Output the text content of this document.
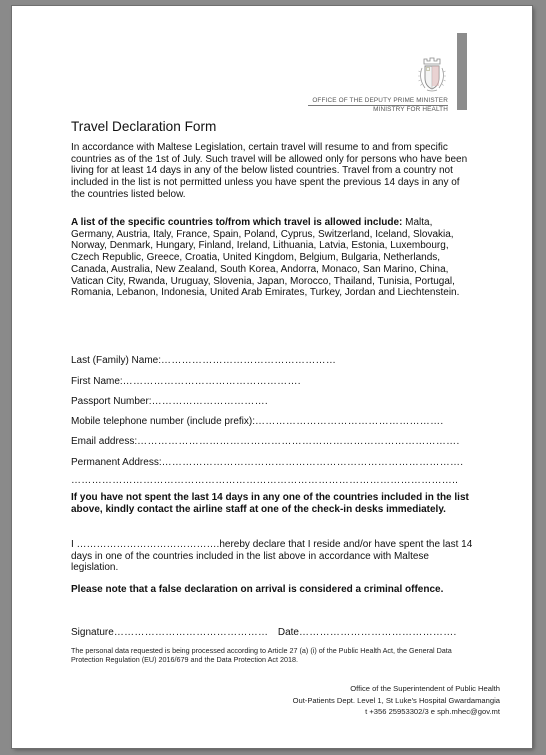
OFFICE OF THE DEPUTY PRIME MINISTER
MINISTRY FOR HEALTH
Travel Declaration Form
In accordance with Maltese Legislation, certain travel will resume to and from specific countries as of the 1st of July. Such travel will be allowed only for persons who have been living for at least 14 days in any of the below listed countries. Travel from a country not included in the list is not permitted unless you have spent the previous 14 days in any of the countries listed below.
A list of the specific countries to/from which travel is allowed include: Malta, Germany, Austria, Italy, France, Spain, Poland, Cyprus, Switzerland, Iceland, Slovakia, Norway, Denmark, Hungary, Finland, Ireland, Lithuania, Latvia, Estonia, Luxembourg, Czech Republic, Greece, Croatia, United Kingdom, Belgium, Bulgaria, Netherlands, Canada, Australia, New Zealand, South Korea, Andorra, Monaco, San Marino, China, Vatican City, Rwanda, Uruguay, Slovenia, Japan, Morocco, Thailand, Tunisia, Portugal, Romania, Lebanon, Indonesia, United Arab Emirates, Turkey, Jordan and Liechtenstein.
Last (Family) Name:……………………………………………
First Name:…………………………………………….
Passport Number:…………………………….
Mobile telephone number (include prefix):……………………………………………….
Email address:………………………………………………………………………………….
Permanent Address:…………………………………………………………………………….
…………………………………………………………………………………………………..
If you have not spent the last 14 days in any one of the countries included in the list above, kindly contact the airline staff at one of the check-in desks immediately.
I …………………………………….hereby declare that I reside and/or have spent the last 14 days in one of the countries included in the list above in accordance with Maltese legislation.
Please note that a false declaration on arrival is considered a criminal offence.
Signature……………………………………… Date……………………………………….
The personal data requested is being processed according to Article 27 (a) (i) of the Public Health Act, the General Data Protection Regulation (EU) 2016/679 and the Data Protection Act 2018.
Office of the Superintendent of Public Health
Out-Patients Dept. Level 1, St Luke's Hospital Gwardamangia
t +356 25953302/3 e sph.mhec@gov.mt
